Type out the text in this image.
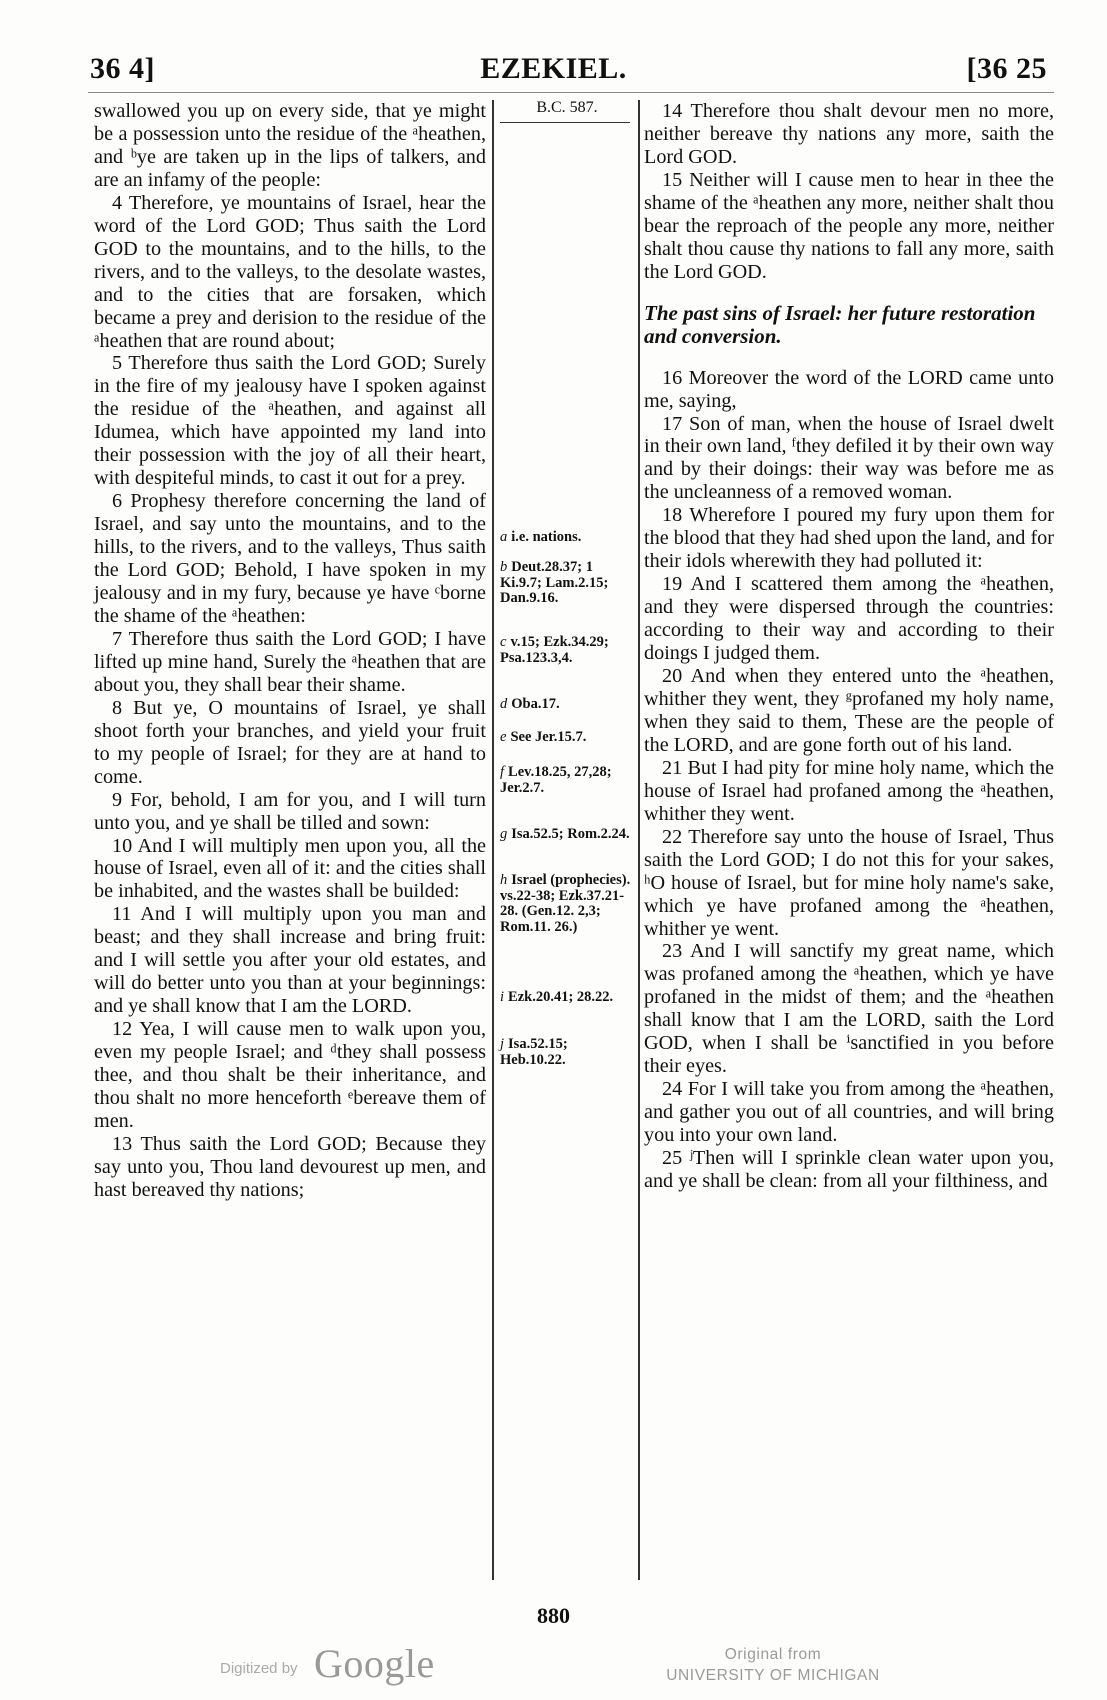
36 4]	EZEKIEL.	[36 25

swallowed you up on every side, that ye might be a possession unto the residue of the ᵃheathen, and ᵇye are taken up in the lips of talkers, and are an infamy of the people:

4 Therefore, ye mountains of Israel, hear the word of the Lord GOD; Thus saith the Lord GOD to the mountains, and to the hills, to the rivers, and to the valleys, to the desolate wastes, and to the cities that are forsaken, which became a prey and derision to the residue of the ᵃheathen that are round about;

5 Therefore thus saith the Lord GOD; Surely in the fire of my jealousy have I spoken against the residue of the ᵃheathen, and against all Idumea, which have appointed my land into their possession with the joy of all their heart, with despiteful minds, to cast it out for a prey.

6 Prophesy therefore concerning the land of Israel, and say unto the mountains, and to the hills, to the rivers, and to the valleys, Thus saith the Lord GOD; Behold, I have spoken in my jealousy and in my fury, because ye have ᶜborne the shame of the ᵃheathen:

7 Therefore thus saith the Lord GOD; I have lifted up mine hand, Surely the ᵃheathen that are about you, they shall bear their shame.

8 But ye, O mountains of Israel, ye shall shoot forth your branches, and yield your fruit to my people of Israel; for they are at hand to come.

9 For, behold, I am for you, and I will turn unto you, and ye shall be tilled and sown:

10 And I will multiply men upon you, all the house of Israel, even all of it: and the cities shall be inhabited, and the wastes shall be builded:

11 And I will multiply upon you man and beast; and they shall increase and bring fruit: and I will settle you after your old estates, and will do better unto you than at your beginnings: and ye shall know that I am the LORD.

12 Yea, I will cause men to walk upon you, even my people Israel; and ᵈthey shall possess thee, and thou shalt be their inheritance, and thou shalt no more henceforth ᵉbereave them of men.

13 Thus saith the Lord GOD; Because they say unto you, Thou land devourest up men, and hast bereaved thy nations;

B.C. 587.
a i.e. nations.
b Deut.28.37; 1 Ki.9.7; Lam.2.15; Dan.9.16.
c v.15; Ezk.34.29; Psa.123.3,4.
d Oba.17.
e See Jer.15.7.
f Lev.18.25, 27,28; Jer.2.7.
g Isa.52.5; Rom.2.24.
h Israel (prophecies). vs.22-38; Ezk.37.21-28. (Gen.12. 2,3; Rom.11. 26.)
i Ezk.20.41; 28.22.
j Isa.52.15; Heb.10.22.

14 Therefore thou shalt devour men no more, neither bereave thy nations any more, saith the Lord GOD.

15 Neither will I cause men to hear in thee the shame of the ᵃheathen any more, neither shalt thou bear the reproach of the people any more, neither shalt thou cause thy nations to fall any more, saith the Lord GOD.

The past sins of Israel: her future restoration and conversion.

16 Moreover the word of the LORD came unto me, saying,

17 Son of man, when the house of Israel dwelt in their own land, ᶠthey defiled it by their own way and by their doings: their way was before me as the uncleanness of a removed woman.

18 Wherefore I poured my fury upon them for the blood that they had shed upon the land, and for their idols wherewith they had polluted it:

19 And I scattered them among the ᵃheathen, and they were dispersed through the countries: according to their way and according to their doings I judged them.

20 And when they entered unto the ᵃheathen, whither they went, they ᵍprofaned my holy name, when they said to them, These are the people of the LORD, and are gone forth out of his land.

21 But I had pity for mine holy name, which the house of Israel had profaned among the ᵃheathen, whither they went.

22 Therefore say unto the house of Israel, Thus saith the Lord GOD; I do not this for your sakes, ʰO house of Israel, but for mine holy name's sake, which ye have profaned among the ᵃheathen, whither ye went.

23 And I will sanctify my great name, which was profaned among the ᵃheathen, which ye have profaned in the midst of them; and the ᵃheathen shall know that I am the LORD, saith the Lord GOD, when I shall be ⁱsanctified in you before their eyes.

24 For I will take you from among the ᵃheathen, and gather you out of all countries, and will bring you into your own land.

25 ʲThen will I sprinkle clean water upon you, and ye shall be clean: from all your filthiness, and

880
Digitized by Google	Original from
UNIVERSITY OF MICHIGAN
